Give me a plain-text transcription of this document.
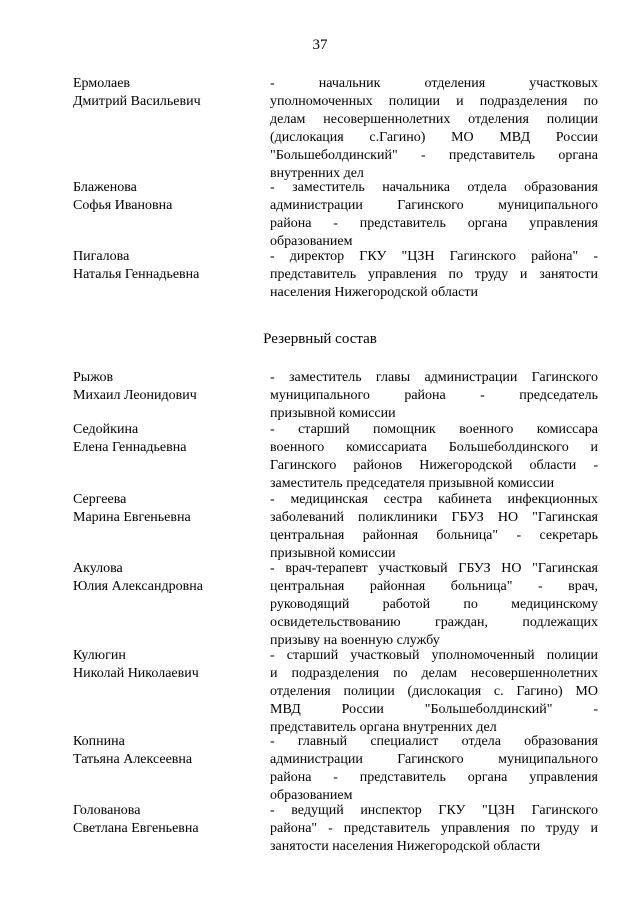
37
Ермолаев
Дмитрий Васильевич
- начальник отделения участковых
уполномоченных полиции и подразделения по
делам несовершеннолетних отделения полиции
(дислокация с.Гагино) МО МВД России
"Большеболдинский" - представитель органа
внутренних дел
Блаженова
Софья Ивановна
- заместитель начальника отдела образования
администрации Гагинского муниципального
района - представитель органа управления
образованием
Пигалова
Наталья Геннадьевна
- директор ГКУ "ЦЗН Гагинского района" -
представитель управления по труду и занятости
населения Нижегородской области
Резервный состав
Рыжов
Михаил Леонидович
- заместитель главы администрации Гагинского
муниципального района - председатель
призывной комиссии
Седойкина
Елена Геннадьевна
- старший помощник военного комиссара
военного комиссариата Большеболдинского и
Гагинского районов Нижегородской области -
заместитель председателя призывной комиссии
Сергеева
Марина Евгеньевна
- медицинская сестра кабинета инфекционных
заболеваний поликлиники ГБУЗ НО "Гагинская
центральная районная больница" - секретарь
призывной комиссии
Акулова
Юлия Александровна
- врач-терапевт участковый ГБУЗ НО "Гагинская
центральная районная больница" - врач,
руководящий работой по медицинскому
освидетельствованию граждан, подлежащих
призыву на военную службу
Кулюгин
Николай Николаевич
- старший участковый уполномоченный полиции
и подразделения по делам несовершеннолетних
отделения полиции (дислокация с. Гагино) МО
МВД России "Большеболдинский" -
представитель органа внутренних дел
Копнина
Татьяна Алексеевна
- главный специалист отдела образования
администрации Гагинского муниципального
района - представитель органа управления
образованием
Голованова
Светлана Евгеньевна
- ведущий инспектор ГКУ "ЦЗН Гагинского
района" - представитель управления по труду и
занятости населения Нижегородской области
